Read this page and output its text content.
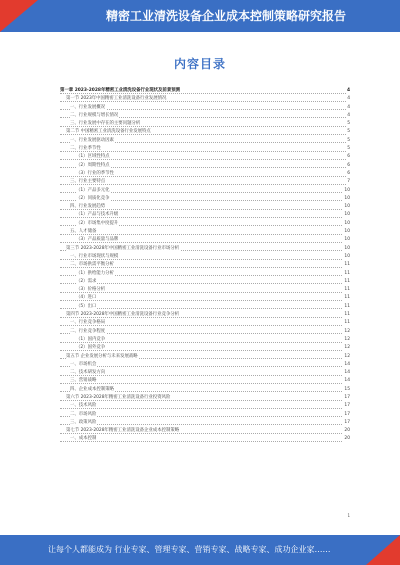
精密工业清洗设备企业成本控制策略研究报告
内容目录
第一章 2023-2028年精密工业清洗设备行业现状及前景预测	4
第一节 2023年中国精密工业清洗设备行业发展情况	4
一、行业发展概况	4
二、行业规模与增长情况	4
三、行业发展中存在的主要问题分析	5
第二节 中国精密工业清洗设备行业发展特点	5
一、行业发展驱动因素	5
二、行业季节性	5
（1）区域性特点	6
（2）周期性特点	6
（3）行业的季节性	6
三、行业主要特点	7
（1）产品多元化	10
（2）同质化竞争	10
四、行业发展趋势	10
（1）产品与技术升级	10
（2）市场集中度提升	10
五、人才储备	10
（3）产品质量与品牌	10
第三节 2023-2028年中国精密工业清洗设备行业市场分析	10
一、行业市场现状与规模	10
二、市场供需平衡分析	11
（1）供给能力分析	11
（2）需求	11
（3）价格分析	11
（4）进口	11
（5）出口	11
第四节 2023-2028年中国精密工业清洗设备行业竞争分析	11
一、行业竞争格局	11
二、行业竞争程度	12
（1）国内竞争	12
（2）国外竞争	12
第五节 企业发展分析与未来发展战略	12
一、市场机会	14
二、技术研发方向	14
三、营销战略	14
四、企业成本控制策略	15
第六节 2023-2028年精密工业清洗设备行业投资风险	17
一、技术风险	17
二、市场风险	17
三、政策风险	17
第七节 2023-2028年精密工业清洗设备企业成本控制策略	20
一、成本控制	20
1
让每个人都能成为 行业专家、管理专家、营销专家、战略专家、成功企业家……
